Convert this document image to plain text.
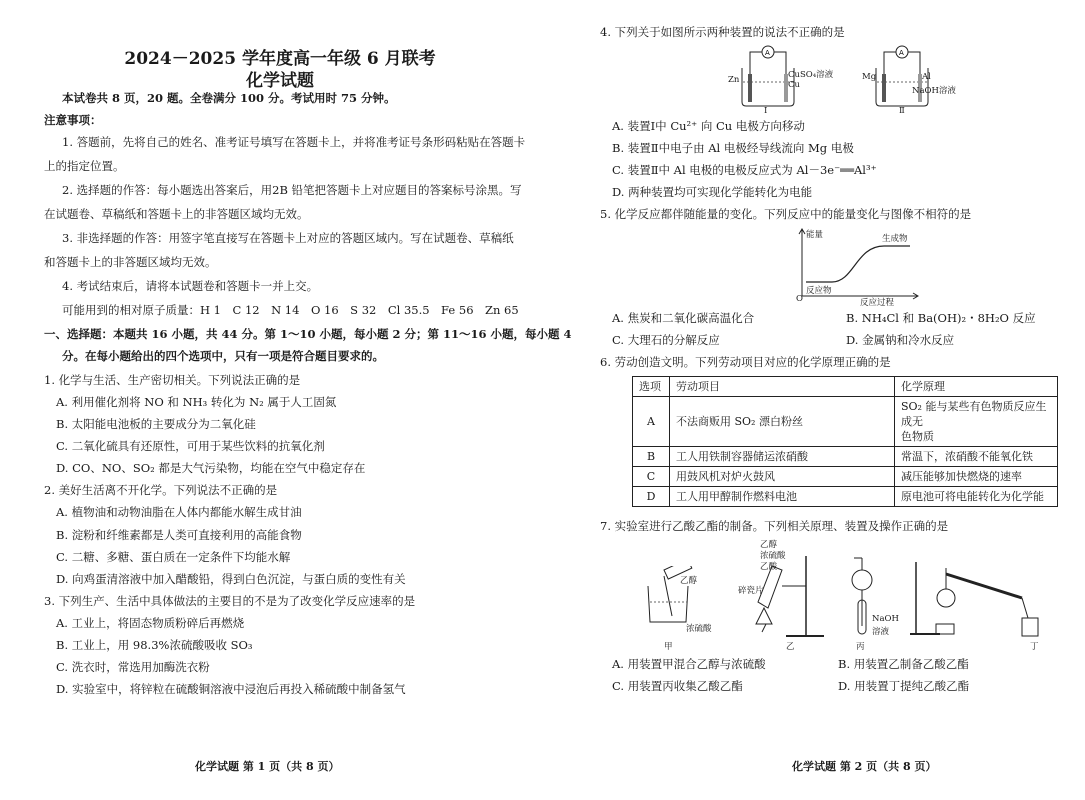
2024－2025 学年度高一年级 6 月联考
化学试题
本试卷共 8 页，20 题。全卷满分 100 分。考试用时 75 分钟。
注意事项：
1. 答题前，先将自己的姓名、准考证号填写在答题卡上，并将准考证号条形码粘贴在答题卡
上的指定位置。
2. 选择题的作答：每小题选出答案后，用2B 铅笔把答题卡上对应题目的答案标号涂黑。写
在试题卷、草稿纸和答题卡上的非答题区域均无效。
3. 非选择题的作答：用签字笔直接写在答题卡上对应的答题区域内。写在试题卷、草稿纸
和答题卡上的非答题区域均无效。
4. 考试结束后，请将本试题卷和答题卡一并上交。
可能用到的相对原子质量：H 1　C 12　N 14　O 16　S 32　Cl 35.5　Fe 56　Zn 65
一、选择题：本题共 16 小题，共 44 分。第 1～10 小题，每小题 2 分；第 11～16 小题，每小题 4
分。在每小题给出的四个选项中，只有一项是符合题目要求的。
1. 化学与生活、生产密切相关。下列说法正确的是
A. 利用催化剂将 NO 和 NH₃ 转化为 N₂ 属于人工固氮
B. 太阳能电池板的主要成分为二氧化硅
C. 二氧化硫具有还原性，可用于某些饮料的抗氧化剂
D. CO、NO、SO₂ 都是大气污染物，均能在空气中稳定存在
2. 美好生活离不开化学。下列说法不正确的是
A. 植物油和动物油脂在人体内都能水解生成甘油
B. 淀粉和纤维素都是人类可直接利用的高能食物
C. 二糖、多糖、蛋白质在一定条件下均能水解
D. 向鸡蛋清溶液中加入醋酸铅，得到白色沉淀，与蛋白质的变性有关
3. 下列生产、生活中具体做法的主要目的不是为了改变化学反应速率的是
A. 工业上，将固态物质粉碎后再燃烧
B. 工业上，用 98.3%浓硫酸吸收 SO₃
C. 洗衣时，常选用加酶洗衣粉
D. 实验室中，将锌粒在硫酸铜溶液中浸泡后再投入稀硫酸中制备氢气
化学试题 第 1 页（共 8 页）
4. 下列关于如图所示两种装置的说法不正确的是
A
Zn	CuSO₄溶液
Cu
Ⅰ
A
Mg	Al
NaOH溶液
Ⅱ
A. 装置Ⅰ中 Cu²⁺ 向 Cu 电极方向移动
B. 装置Ⅱ中电子由 Al 电极经导线流向 Mg 电极
C. 装置Ⅱ中 Al 电极的电极反应式为 Al－3e⁻══Al³⁺
D. 两种装置均可实现化学能转化为电能
5. 化学反应都伴随能量的变化。下列反应中的能量变化与图像不相符的是
能量	生成物
反应物
O	反应过程
A. 焦炭和二氧化碳高温化合	B. NH₄Cl 和 Ba(OH)₂・8H₂O 反应
C. 大理石的分解反应	D. 金属钠和冷水反应
6. 劳动创造文明。下列劳动项目对应的化学原理正确的是
选项	劳动项目	化学原理
A	不法商贩用 SO₂ 漂白粉丝	SO₂ 能与某些有色物质反应生成无
色物质

B	工人用铁制容器储运浓硝酸	常温下，浓硝酸不能氧化铁
C	用鼓风机对炉火鼓风	减压能够加快燃烧的速率
D	工人用甲醇制作燃料电池	原电池可将电能转化为化学能
7. 实验室进行乙酸乙酯的制备。下列相关原理、装置及操作正确的是
乙醇
浓硫酸
甲
乙醇
浓硫酸
乙酸
碎瓷片
乙
NaOH
溶液
丙	丁
A. 用装置甲混合乙醇与浓硫酸	B. 用装置乙制备乙酸乙酯
C. 用装置丙收集乙酸乙酯	D. 用装置丁提纯乙酸乙酯
化学试题 第 2 页（共 8 页）
